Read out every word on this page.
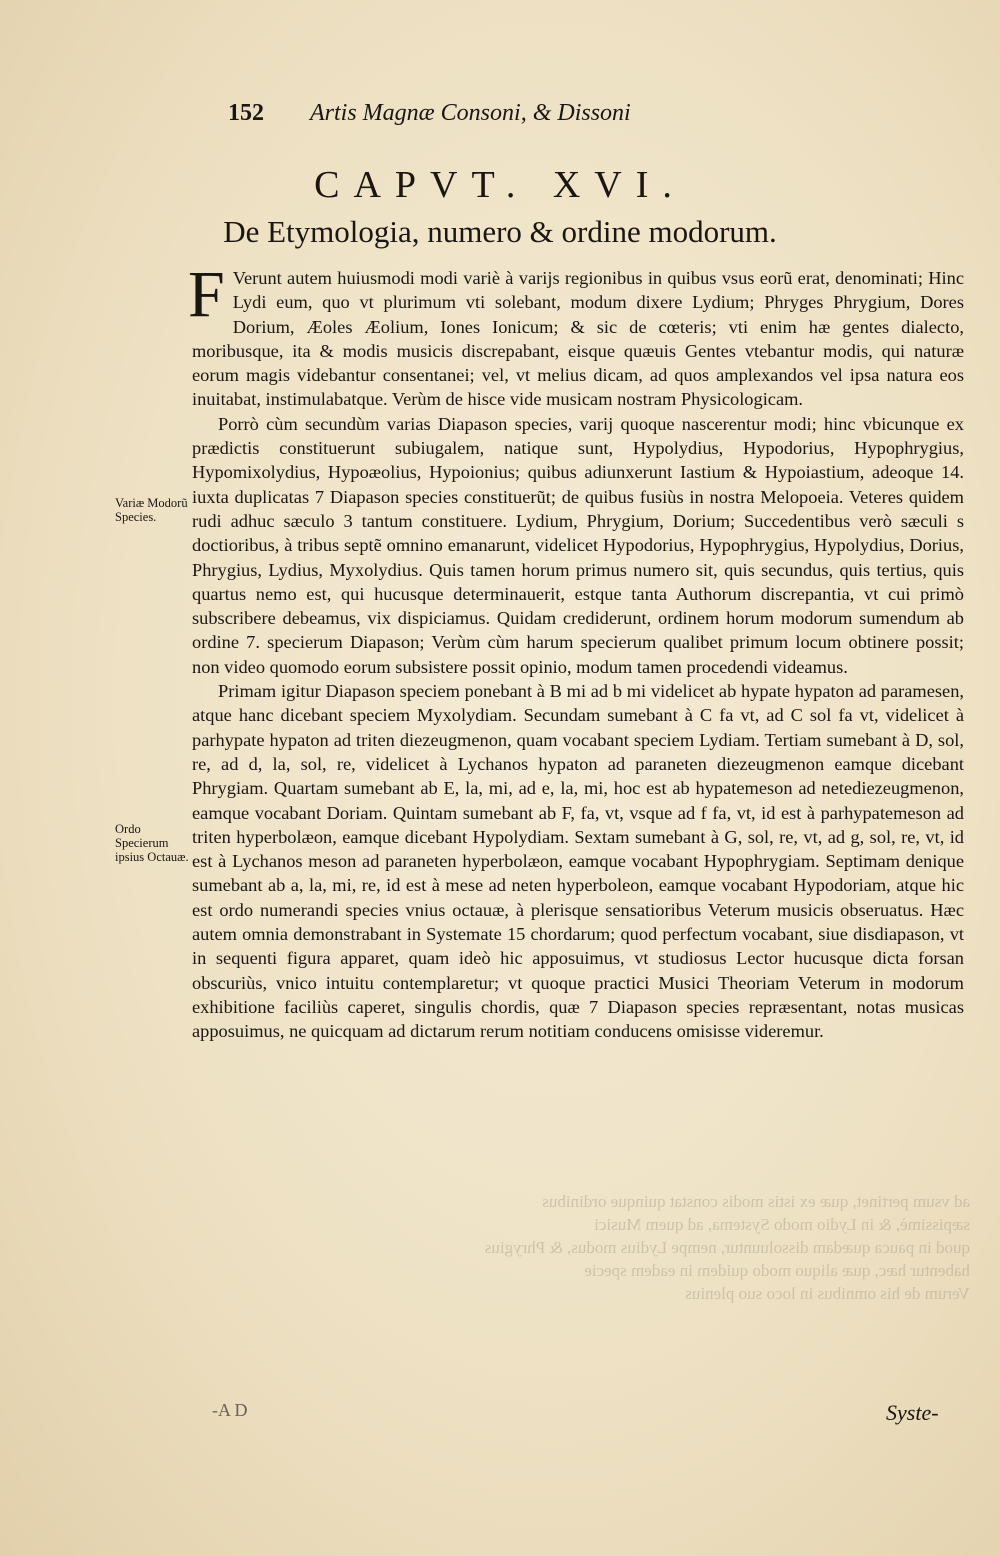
152 Artis Magnæ Consoni, & Dissoni
CAPVT. XVI.
De Etymologia, numero & ordine modorum.

F Verunt autem huiusmodi modi variè à varijs regionibus in quibus vsus eorũ erat, denominati; Hinc Lydi eum, quo vt plurimum vti solebant, modum dixere Lydium; Phryges Phrygium, Dores Dorium, Æoles Æolium, Iones Ionicum; & sic de cœteris; vti enim hæ gentes dialecto, moribusque, ita & modis musicis discrepabant, eisque quæuis Gentes vtebantur modis, qui naturæ eorum magis videbantur consentanei; vel, vt melius dicam, ad quos amplexandos vel ipsa natura eos inuitabat, instimulabatque. Verùm de hisce vide musicam nostram Physicologicam.

Porrò cùm secundùm varias Diapason species, varij quoque nascerentur modi; hinc vbicunque ex prædictis constituerunt subiugalem, natique sunt, Hypolydius, Hypodorius, Hypophrygius, Hypomixolydius, Hypoæolius, Hypoionius; quibus adiunxerunt Iastium & Hypoiastium, adeoque 14. iuxta duplicatas 7 Diapason species constituerũt; de quibus fusiùs in nostra Melopoeia. Veteres quidem rudi adhuc sæculo 3 tantum constituere. Lydium, Phrygium, Dorium; Succedentibus verò sæculi s doctioribus, à tribus septẽ omnino emanarunt, videlicet Hypodorius, Hypophrygius, Hypolydius, Dorius, Phrygius, Lydius, Myxolydius. Quis tamen horum primus numero sit, quis secundus, quis tertius, quis quartus nemo est, qui hucusque determinauerit, estque tanta Authorum discrepantia, vt cui primò subscribere debeamus, vix dispiciamus. Quidam crediderunt, ordinem horum modorum sumendum ab ordine 7. specierum Diapason; Verùm cùm harum specierum qualibet primum locum obtinere possit; non video quomodo eorum subsistere possit opinio, modum tamen procedendi videamus.

Primam igitur Diapason speciem ponebant à B mi ad b mi videlicet ab hypate hypaton ad paramesen, atque hanc dicebant speciem Myxolydiam. Secundam sumebant à C fa vt, ad C sol fa vt, videlicet à parhypate hypaton ad triten diezeugmenon, quam vocabant speciem Lydiam. Tertiam sumebant à D, sol, re, ad d, la, sol, re, videlicet à Lychanos hypaton ad paraneten diezeugmenon eamque dicebant Phrygiam. Quartam sumebant ab E, la, mi, ad e, la, mi, hoc est ab hypatemeson ad netediezeugmenon, eamque vocabant Doriam. Quintam sumebant ab F, fa, vt, vsque ad f fa, vt, id est à parhypatemeson ad triten hyperbolæon, eamque dicebant Hypolydiam. Sextam sumebant à G, sol, re, vt, ad g, sol, re, vt, id est à Lychanos meson ad paraneten hyperbolæon, eamque vocabant Hypophrygiam. Septimam denique sumebant ab a, la, mi, re, id est à mese ad neten hyperboleon, eamque vocabant Hypodoriam, atque hic est ordo numerandi species vnius octauæ, à plerisque sensatioribus Veterum musicis obseruatus. Hæc autem omnia demonstrabant in Systemate 15 chordarum; quod perfectum vocabant, siue disdiapason, vt in sequenti figura apparet, quam ideò hic apposuimus, vt studiosus Lector hucusque dicta forsan obscuriùs, vnico intuitu contemplaretur; vt quoque practici Musici Theoriam Veterum in modorum exhibitione faciliùs caperet, singulis chordis, quæ 7 Diapason species repræsentant, notas musicas apposuimus, ne quicquam ad dictarum rerum notitiam conducens omisisse videremur.

Variæ Modorũ Species.
Ordo Specierum ipsius Octauæ.
ad vsum pertinet, quæ ex istis modis constat quinque ordinibus
sæpissimè, & in Lydio modo Systema, ad quem Musici
quod in pauca quædam dissoluuntur, nempe Lydius modus, & Phrygius
habentur hæc, quæ aliquo modo quidem in eadem specie
Verum de his omnibus in loco suo plenius
-A D	Syste-
